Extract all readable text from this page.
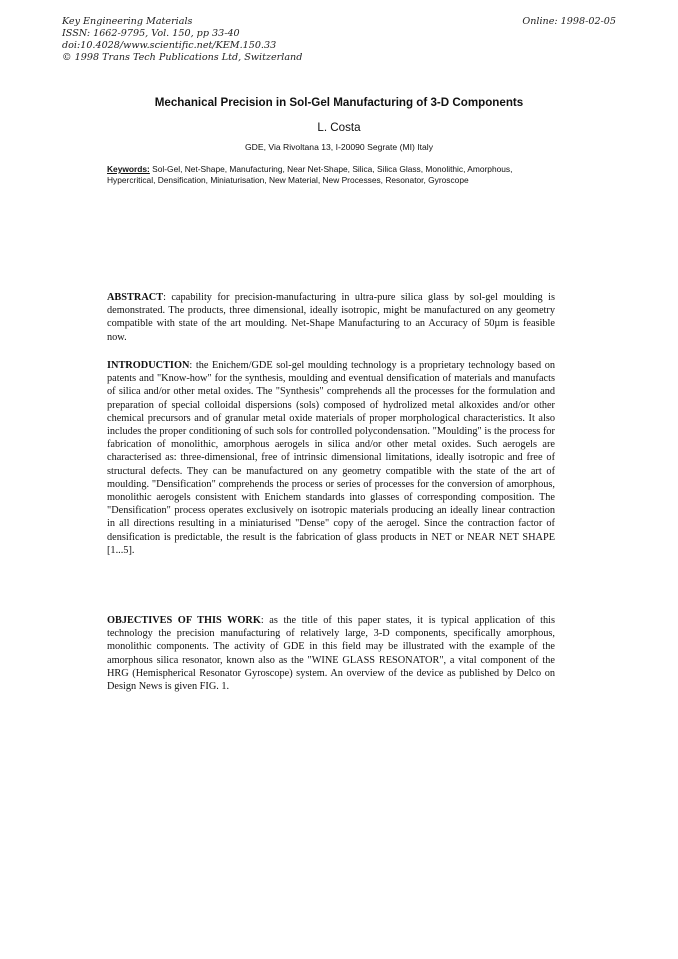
Key Engineering Materials
ISSN: 1662-9795, Vol. 150, pp 33-40
doi:10.4028/www.scientific.net/KEM.150.33
© 1998 Trans Tech Publications Ltd, Switzerland
Online: 1998-02-05
Mechanical Precision in Sol-Gel Manufacturing of 3-D Components
L. Costa
GDE, Via Rivoltana 13, I-20090 Segrate (MI) Italy

Keywords: Sol-Gel, Net-Shape, Manufacturing, Near Net-Shape, Silica, Silica Glass, Monolithic, Amorphous, Hypercritical, Densification, Miniaturisation, New Material, New Processes, Resonator, Gyroscope

ABSTRACT: capability for precision-manufacturing in ultra-pure silica glass by sol-gel moulding is demonstrated. The products, three dimensional, ideally isotropic, might be manufactured on any geometry compatible with state of the art moulding. Net-Shape Manufacturing to an Accuracy of 50µm is feasible now.

INTRODUCTION: the Enichem/GDE sol-gel moulding technology is a proprietary technology based on patents and "Know-how" for the synthesis, moulding and eventual densification of materials and manufacts of silica and/or other metal oxides. The "Synthesis" comprehends all the processes for the formulation and preparation of special colloidal dispersions (sols) composed of hydrolized metal alkoxides and/or other chemical precursors and of granular metal oxide materials of proper morphological characteristics. It also includes the proper conditioning of such sols for controlled polycondensation. "Moulding" is the process for fabrication of monolithic, amorphous aerogels in silica and/or other metal oxides. Such aerogels are characterised as: three-dimensional, free of intrinsic dimensional limitations, ideally isotropic and free of structural defects. They can be manufactured on any geometry compatible with the state of the art of moulding. "Densification" comprehends the process or series of processes for the conversion of amorphous, monolithic aerogels consistent with Enichem standards into glasses of corresponding composition. The "Densification" process operates exclusively on isotropic materials producing an ideally linear contraction in all directions resulting in a miniaturised "Dense" copy of the aerogel. Since the contraction factor of densification is predictable, the result is the fabrication of glass products in NET or NEAR NET SHAPE [1...5].

OBJECTIVES OF THIS WORK: as the title of this paper states, it is typical application of this technology the precision manufacturing of relatively large, 3-D components, specifically amorphous, monolithic components. The activity of GDE in this field may be illustrated with the example of the amorphous silica resonator, known also as the "WINE GLASS RESONATOR", a vital component of the HRG (Hemispherical Resonator Gyroscope) system. An overview of the device as published by Delco on Design News is given FIG. 1.
